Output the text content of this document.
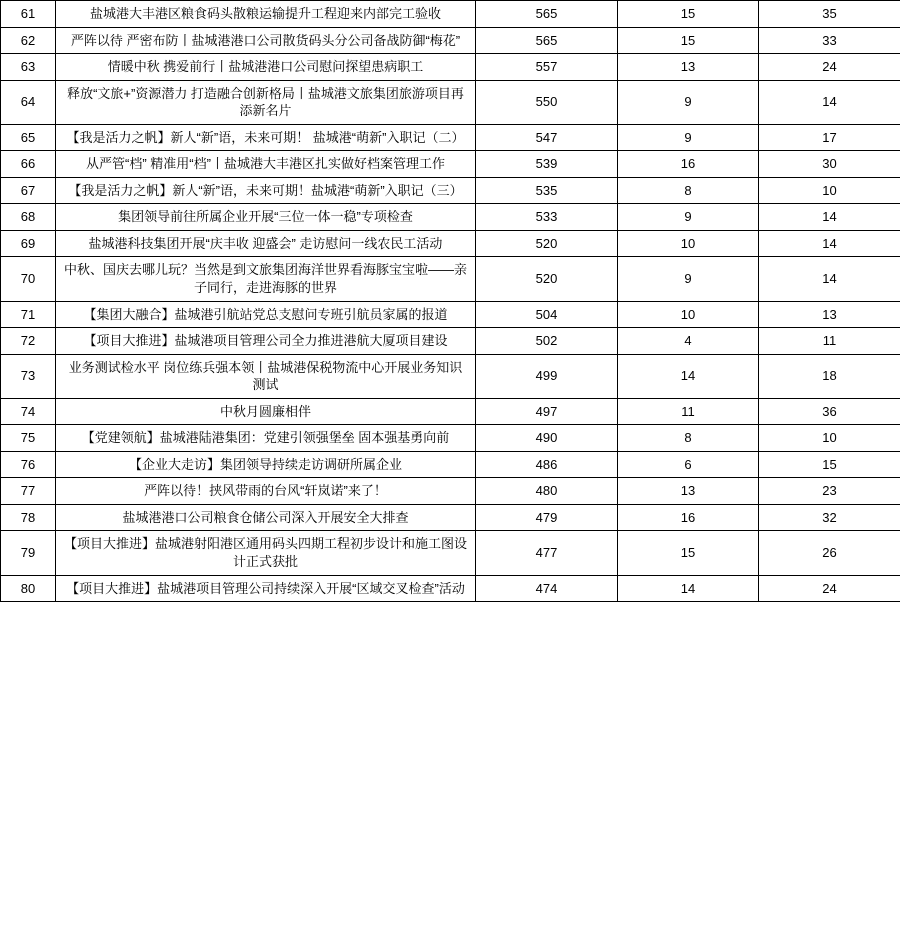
61	盐城港大丰港区粮食码头散粮运输提升工程迎来内部完工验收	565	15	35
62	严阵以待 严密布防丨盐城港港口公司散货码头分公司备战防御“梅花”	565	15	33
63	情暖中秋 携爱前行丨盐城港港口公司慰问探望患病职工	557	13	24
64	释放“文旅+”资源潜力 打造融合创新格局丨盐城港文旅集团旅游项目再添新名片	550	9	14
65	【我是活力之帆】新人“新”语，未来可期！ 盐城港“萌新”入职记（二）	547	9	17
66	从严管“档” 精准用“档”丨盐城港大丰港区扎实做好档案管理工作	539	16	30
67	【我是活力之帆】新人“新”语，未来可期！盐城港“萌新”入职记（三）	535	8	10
68	集团领导前往所属企业开展“三位一体一稳”专项检查	533	9	14
69	盐城港科技集团开展“庆丰收 迎盛会” 走访慰问一线农民工活动	520	10	14
70	中秋、国庆去哪儿玩？当然是到文旅集团海洋世界看海豚宝宝啦——亲子同行，走进海豚的世界	520	9	14
71	【集团大融合】盐城港引航站党总支慰问专班引航员家属的报道	504	10	13
72	【项目大推进】盐城港项目管理公司全力推进港航大厦项目建设	502	4	11
73	业务测试检水平 岗位练兵强本领丨盐城港保税物流中心开展业务知识测试	499	14	18
74	中秋月圆廉相伴	497	11	36
75	【党建领航】盐城港陆港集团：党建引领强堡垒 固本强基勇向前	490	8	10
76	【企业大走访】集团领导持续走访调研所属企业	486	6	15
77	严阵以待！挟风带雨的台风“轩岚诺”来了！	480	13	23
78	盐城港港口公司粮食仓储公司深入开展安全大排查	479	16	32
79	【项目大推进】盐城港射阳港区通用码头四期工程初步设计和施工图设计正式获批	477	15	26
80	【项目大推进】盐城港项目管理公司持续深入开展“区域交叉检查”活动	474	14	24
